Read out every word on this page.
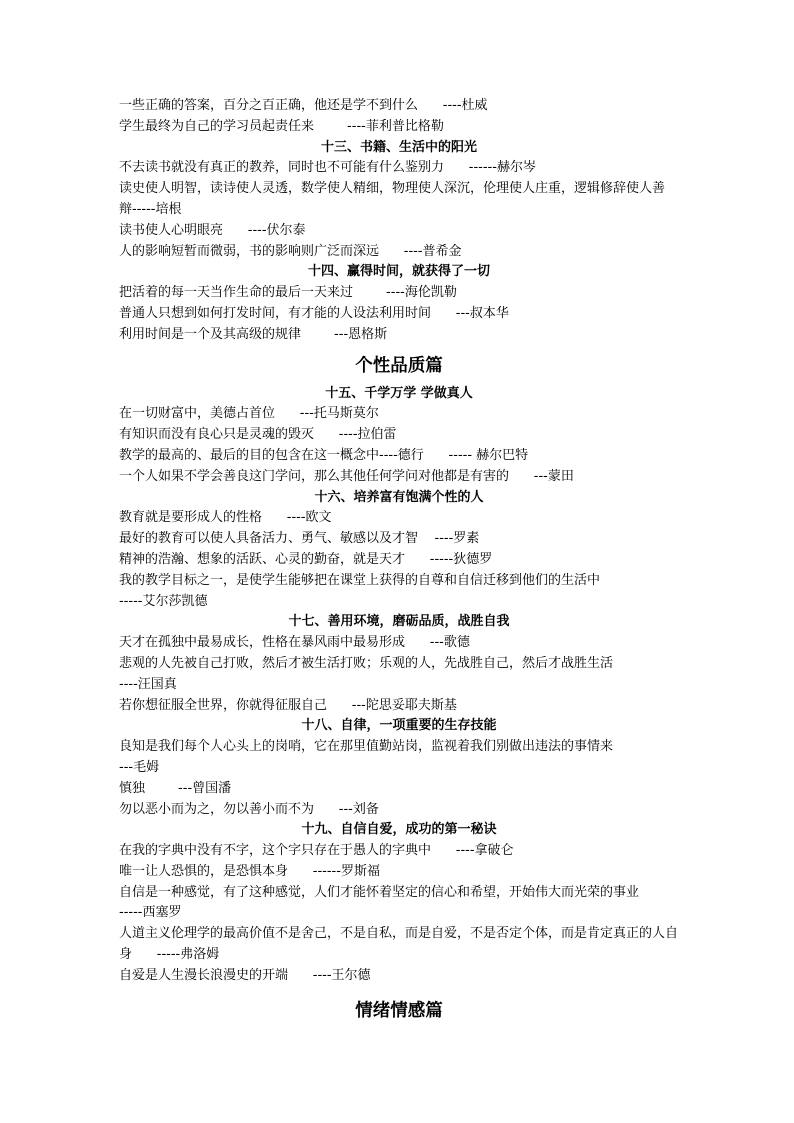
一些正确的答案，百分之百正确，他还是学不到什么      ----杜威
学生最终为自己的学习员起责任来        ----菲利普比格勒
十三、书籍、生活中的阳光
不去读书就没有真正的教养，同时也不可能有什么鉴别力      ------赫尔岑
读史使人明智，读诗使人灵透，数学使人精细，物理使人深沉，伦理使人庄重，逻辑修辞使人善辩-----培根
读书使人心明眼亮      ----伏尔泰
人的影响短暂而微弱，书的影响则广泛而深远      ----普希金
十四、赢得时间，就获得了一切
把活着的每一天当作生命的最后一天来过        ----海伦凯勒
普通人只想到如何打发时间，有才能的人设法利用时间      ---叔本华
利用时间是一个及其高级的规律        ---恩格斯
个性品质篇
十五、千学万学 学做真人
在一切财富中，美德占首位      ---托马斯莫尔
有知识而没有良心只是灵魂的毁灭      ----拉伯雷
教学的最高的、最后的目的包含在这一概念中----德行      ----- 赫尔巴特
一个人如果不学会善良这门学问，那么其他任何学问对他都是有害的      ---蒙田
十六、培养富有饱满个性的人
教育就是要形成人的性格      ----欧文
最好的教育可以使人具备活力、勇气、敏感以及才智    ----罗素
精神的浩瀚、想象的活跃、心灵的勤奋，就是天才      -----狄德罗
我的教学目标之一，是使学生能够把在课堂上获得的自尊和自信迁移到他们的生活中
-----艾尔莎凯德
十七、善用环境，磨砺品质，战胜自我
天才在孤独中最易成长，性格在暴风雨中最易形成      ---歌德
悲观的人先被自己打败，然后才被生活打败；乐观的人，先战胜自己，然后才战胜生活
----汪国真
若你想征服全世界，你就得征服自己      ---陀思妥耶夫斯基
十八、自律，一项重要的生存技能
良知是我们每个人心头上的岗哨，它在那里值勤站岗，监视着我们别做出违法的事情来
---毛姆
慎独        ---曾国潘
勿以恶小而为之，勿以善小而不为      ---刘备
十九、自信自爱，成功的第一秘诀
在我的字典中没有不字，这个字只存在于愚人的字典中      ----拿破仑
唯一让人恐惧的，是恐惧本身      ------罗斯福
自信是一种感觉，有了这种感觉，人们才能怀着坚定的信心和希望，开始伟大而光荣的事业
-----西塞罗
人道主义伦理学的最高价值不是舍己，不是自私，而是自爱，不是否定个体，而是肯定真正的人自身      -----弗洛姆
自爱是人生漫长浪漫史的开端      ----王尔德
情绪情感篇
